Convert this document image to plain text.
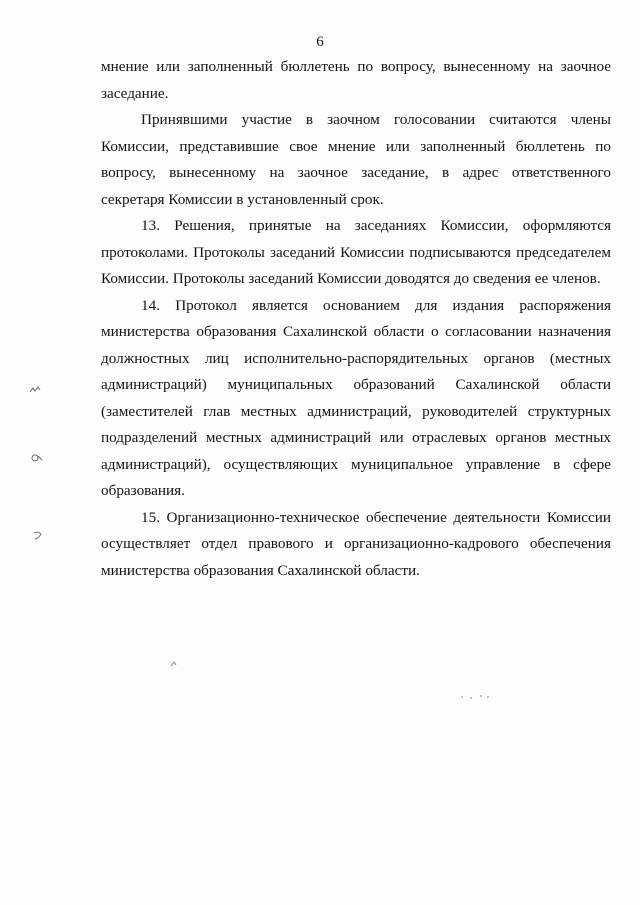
6

мнение или заполненный бюллетень по вопросу, вынесенному на заочное заседание.

Принявшими участие в заочном голосовании считаются члены Комиссии, представившие свое мнение или заполненный бюллетень по вопросу, вынесенному на заочное заседание, в адрес ответственного секретаря Комиссии в установленный срок.

13. Решения, принятые на заседаниях Комиссии, оформляются протоколами. Протоколы заседаний Комиссии подписываются председателем Комиссии. Протоколы заседаний Комиссии доводятся до сведения ее членов.

14. Протокол является основанием для издания распоряжения министерства образования Сахалинской области о согласовании назначения должностных лиц исполнительно-распорядительных органов (местных администраций) муниципальных образований Сахалинской области (заместителей глав местных администраций, руководителей структурных подразделений местных администраций или отраслевых органов местных администраций), осуществляющих муниципальное управление в сфере образования.

15. Организационно-техническое обеспечение деятельности Комиссии осуществляет отдел правового и организационно-кадрового обеспечения министерства образования Сахалинской области.
